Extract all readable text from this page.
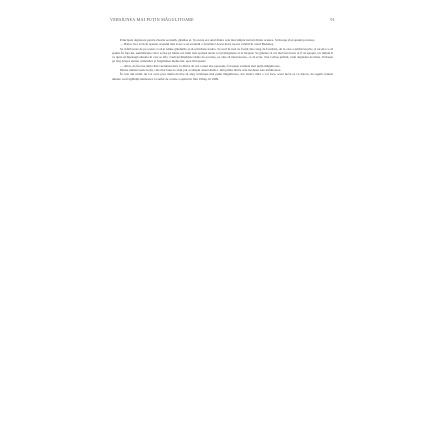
VERSIUNEA MAI PUȚIN MĂGULITOARE	91

Principala deplasare pentru chestia secundă, gândise el. Și acesta era unul dintre cele mai simple lucruri dintre acestea. Și începe să și spună povestea.

— Babac m-a scris în spatele orașului mai avea ce să ascundă o facultate! Acest lucru nu era valabil în cazul Berkeley.

Se ridică treaz de pe scaun ca să și adune gândurile și să-și încheie treaba. Se urcă în tren cu fostul său coleg de facultate, de la care a primit un plic, și nu știa ce să spună. În fața lui, semnificația celor scrise pe hârtie era mult mai aprinsă decât ce își imaginase el la început. Se gândea că cel mai bun lucru ar fi să aștepte, iar timpul îl va ajuta să înțeleagă situația în care se afla. Cum își împărțise ideile de poveste, pe cine să intervieveze, ce să scrie, cine vorbea primul, totul depindea de mine. Vorbește pe larg despre natura oamenilor și fragilitatea memoriei, apoi îmi spune:

— Alice, de fiecare dată când versiunea mea va difera de cea a unei alte persoane, folosește varianta mai puțin măgulitoare.

Dintre numeroasele lecții, cele mai bune le obții pur și simplu observându-l. Iată prima dintre cele modeste este următoarea.

În cele din urmă, nu voi avea prea multe motive să aleg versiunea mai puțin măgulitoare, dar atunci când o voi face, acest lucru se va datora, de regulă, naturii umane, nu fragilității memoriei. O astfel de ocazie a apărut în Sun Valley, în 1999.
